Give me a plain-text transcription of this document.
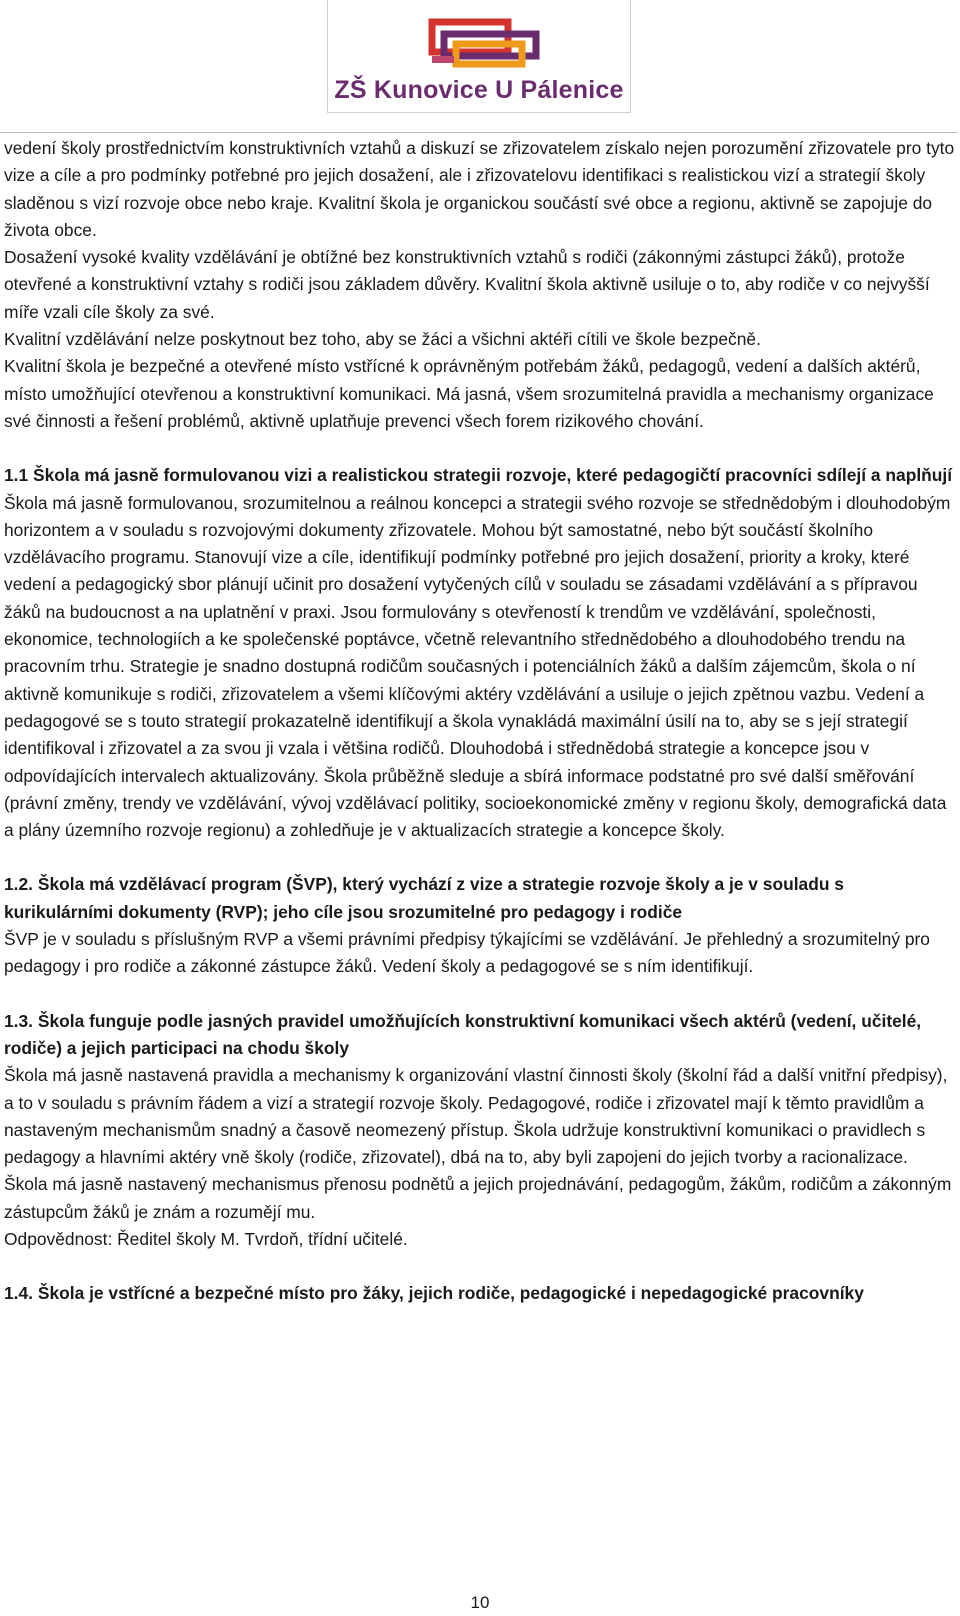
ZŠ Kunovice U Pálenice

vedení školy prostřednictvím konstruktivních vztahů a diskuzí se zřizovatelem získalo nejen porozumění zřizovatele pro tyto vize a cíle a pro podmínky potřebné pro jejich dosažení, ale i zřizovatelovu identifikaci s realistickou vizí a strategií školy sladěnou s vizí rozvoje obce nebo kraje. Kvalitní škola je organickou součástí své obce a regionu, aktivně se zapojuje do života obce.

Dosažení vysoké kvality vzdělávání je obtížné bez konstruktivních vztahů s rodiči (zákonnými zástupci žáků), protože otevřené a konstruktivní vztahy s rodiči jsou základem důvěry. Kvalitní škola aktivně usiluje o to, aby rodiče v co nejvyšší míře vzali cíle školy za své.

Kvalitní vzdělávání nelze poskytnout bez toho, aby se žáci a všichni aktéři cítili ve škole bezpečně.

Kvalitní škola je bezpečné a otevřené místo vstřícné k oprávněným potřebám žáků, pedagogů, vedení a dalších aktérů, místo umožňující otevřenou a konstruktivní komunikaci. Má jasná, všem srozumitelná pravidla a mechanismy organizace své činnosti a řešení problémů, aktivně uplatňuje prevenci všech forem rizikového chování.

1.1 Škola má jasně formulovanou vizi a realistickou strategii rozvoje, které pedagogičtí pracovníci sdílejí a naplňují

Škola má jasně formulovanou, srozumitelnou a reálnou koncepci a strategii svého rozvoje se střednědobým i dlouhodobým horizontem a v souladu s rozvojovými dokumenty zřizovatele. Mohou být samostatné, nebo být součástí školního vzdělávacího programu. Stanovují vize a cíle, identifikují podmínky potřebné pro jejich dosažení, priority a kroky, které vedení a pedagogický sbor plánují učinit pro dosažení vytyčených cílů v souladu se zásadami vzdělávání a s přípravou žáků na budoucnost a na uplatnění v praxi. Jsou formulovány s otevřeností k trendům ve vzdělávání, společnosti, ekonomice, technologiích a ke společenské poptávce, včetně relevantního střednědobého a dlouhodobého trendu na pracovním trhu. Strategie je snadno dostupná rodičům současných i potenciálních žáků a dalším zájemcům, škola o ní aktivně komunikuje s rodiči, zřizovatelem a všemi klíčovými aktéry vzdělávání a usiluje o jejich zpětnou vazbu. Vedení a pedagogové se s touto strategií prokazatelně identifikují a škola vynakládá maximální úsilí na to, aby se s její strategií identifikoval i zřizovatel a za svou ji vzala i většina rodičů. Dlouhodobá i střednědobá strategie a koncepce jsou v odpovídajících intervalech aktualizovány. Škola průběžně sleduje a sbírá informace podstatné pro své další směřování (právní změny, trendy ve vzdělávání, vývoj vzdělávací politiky, socioekonomické změny v regionu školy, demografická data a plány územního rozvoje regionu) a zohledňuje je v aktualizacích strategie a koncepce školy.

1.2. Škola má vzdělávací program (ŠVP), který vychází z vize a strategie rozvoje školy a je v souladu s kurikulárními dokumenty (RVP); jeho cíle jsou srozumitelné pro pedagogy i rodiče

ŠVP je v souladu s příslušným RVP a všemi právními předpisy týkajícími se vzdělávání. Je přehledný a srozumitelný pro pedagogy i pro rodiče a zákonné zástupce žáků. Vedení školy a pedagogové se s ním identifikují.

1.3. Škola funguje podle jasných pravidel umožňujících konstruktivní komunikaci všech aktérů (vedení, učitelé, rodiče) a jejich participaci na chodu školy

Škola má jasně nastavená pravidla a mechanismy k organizování vlastní činnosti školy (školní řád a další vnitřní předpisy), a to v souladu s právním řádem a vizí a strategií rozvoje školy. Pedagogové, rodiče i zřizovatel mají k těmto pravidlům a nastaveným mechanismům snadný a časově neomezený přístup. Škola udržuje konstruktivní komunikaci o pravidlech s pedagogy a hlavními aktéry vně školy (rodiče, zřizovatel), dbá na to, aby byli zapojeni do jejich tvorby a racionalizace. Škola má jasně nastavený mechanismus přenosu podnětů a jejich projednávání, pedagogům, žákům, rodičům a zákonným zástupcům žáků je znám a rozumějí mu.

Odpovědnost: Ředitel školy M. Tvrdoň, třídní učitelé.

1.4. Škola je vstřícné a bezpečné místo pro žáky, jejich rodiče, pedagogické i nepedagogické pracovníky

10
